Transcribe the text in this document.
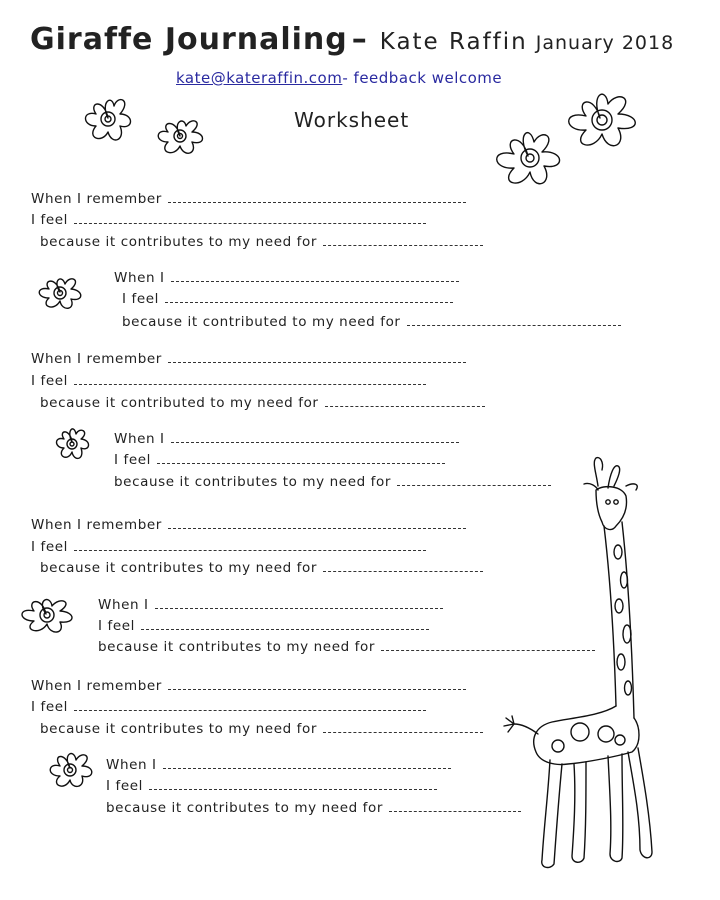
Giraffe Journaling – Kate Raffin January 2018
kate@kateraffin.com- feedback welcome
Worksheet
When I remember
I feel
because it contributes to my need for
When I
I feel
because it contributed to my need for
When I remember
I feel
because it contributed to my need for
When I
I feel
because it contributes to my need for
When I remember
I feel
because it contributes to my need for
When I
I feel
because it contributes to my need for
When I remember
I feel
because it contributes to my need for
When I
I feel
because it contributes to my need for
